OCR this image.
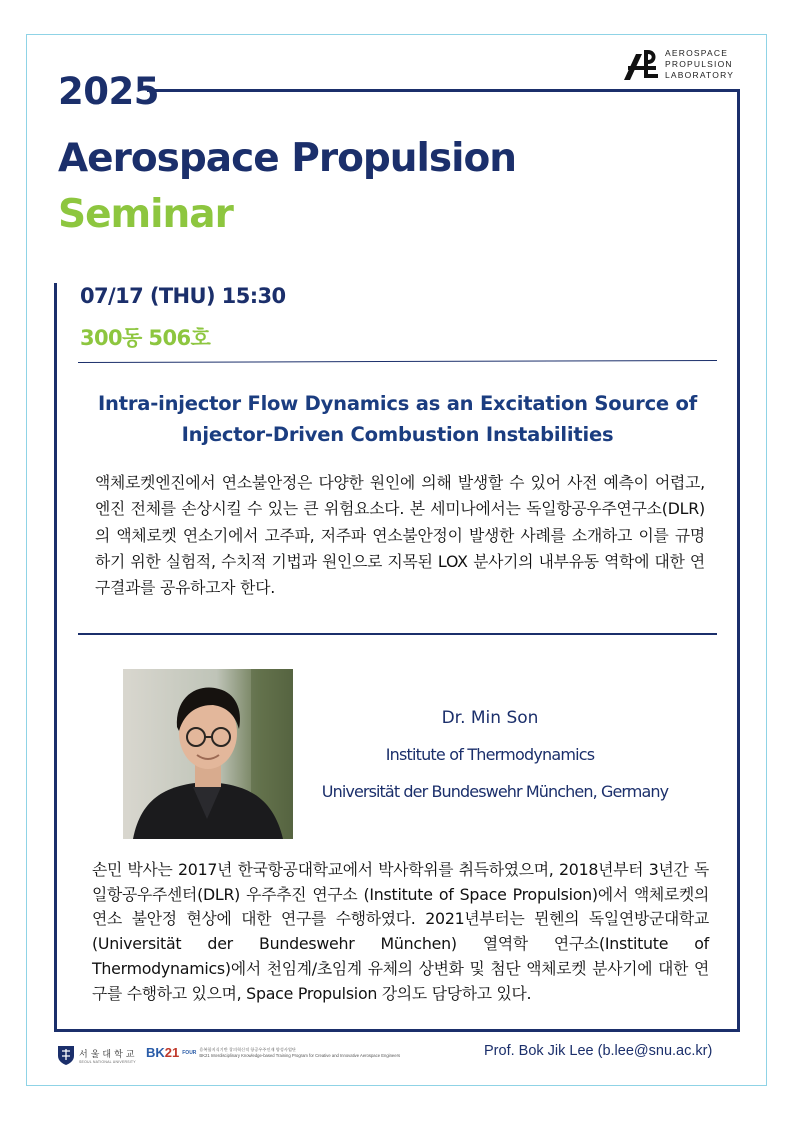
AEROSPACE
PROPULSION
LABORATORY
2025
Aerospace Propulsion
Seminar
07/17 (THU) 15:30
300동 506호
Intra-injector Flow Dynamics as an Excitation Source of
Injector-Driven Combustion Instabilities
액체로켓엔진에서 연소불안정은 다양한 원인에 의해 발생할 수 있어 사전 예측이 어렵고, 엔진 전체를 손상시킬 수 있는 큰 위험요소다. 본 세미나에서는 독일항공우주연구소(DLR)의 액체로켓 연소기에서 고주파, 저주파 연소불안정이 발생한 사례를 소개하고 이를 규명하기 위한 실험적, 수치적 기법과 원인으로 지목된 LOX 분사기의 내부유동 역학에 대한 연구결과를 공유하고자 한다.
Dr. Min Son
Institute of Thermodynamics
Universität der Bundeswehr München, Germany
손민 박사는 2017년 한국항공대학교에서 박사학위를 취득하였으며, 2018년부터 3년간 독일항공우주센터(DLR) 우주추진 연구소 (Institute of Space Propulsion)에서 액체로켓의 연소 불안정 현상에 대한 연구를 수행하였다. 2021년부터는 뮌헨의 독일연방군대학교(Universität der Bundeswehr München) 열역학 연구소(Institute of Thermodynamics)에서 천임계/초임계 유체의 상변화 및 첨단 액체로켓 분사기에 대한 연구를 수행하고 있으며, Space Propulsion 강의도 담당하고 있다.
서울대학교
SEOUL NATIONAL UNIVERSITY
BK21 FOUR 융복합지식기반 창의혁신적 항공우주인재 양성사업단
BK21 Interdisciplinary Knowledge-based Training Program for Creative and Innovative Aerospace Engineers	Prof. Bok Jik Lee (b.lee@snu.ac.kr)
